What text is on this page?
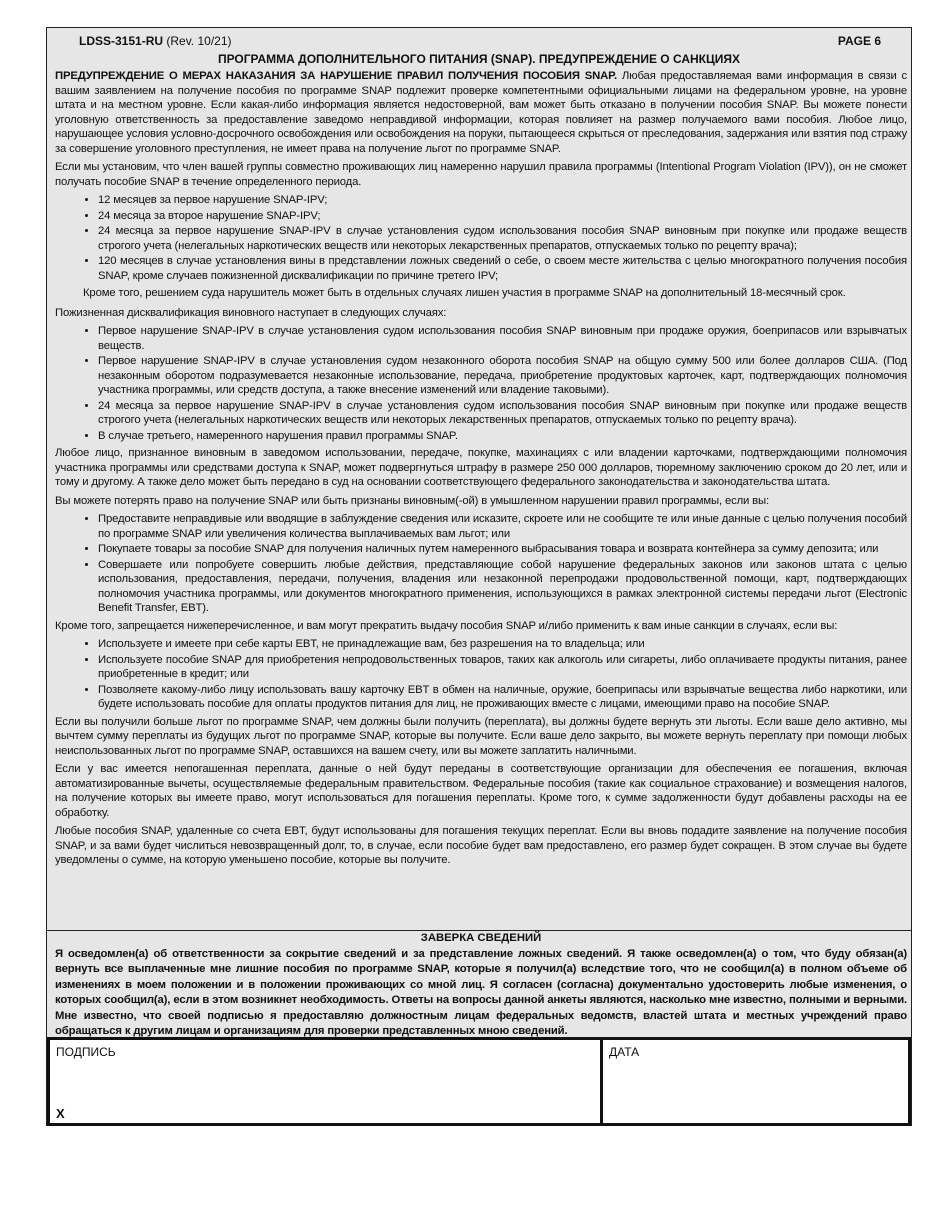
LDSS-3151-RU (Rev. 10/21)	PAGE 6
ПРОГРАММА ДОПОЛНИТЕЛЬНОГО ПИТАНИЯ (SNAP). ПРЕДУПРЕЖДЕНИЕ О САНКЦИЯХ

ПРЕДУПРЕЖДЕНИЕ О МЕРАХ НАКАЗАНИЯ ЗА НАРУШЕНИЕ ПРАВИЛ ПОЛУЧЕНИЯ ПОСОБИЯ SNAP. Любая предоставляемая вами информация в связи с вашим заявлением на получение пособия по программе SNAP подлежит проверке компетентными официальными лицами на федеральном уровне, на уровне штата и на местном уровне. Если какая-либо информация является недостоверной, вам может быть отказано в получении пособия SNAP. Вы можете понести уголовную ответственность за предоставление заведомо неправдивой информации, которая повлияет на размер получаемого вами пособия. Любое лицо, нарушающее условия условно-досрочного освобождения или освобождения на поруки, пытающееся скрыться от преследования, задержания или взятия под стражу за совершение уголовного преступления, не имеет права на получение льгот по программе SNAP.

Если мы установим, что член вашей группы совместно проживающих лиц намеренно нарушил правила программы (Intentional Program Violation (IPV)), он не сможет получать пособие SNAP в течение определенного периода.

• 12 месяцев за первое нарушение SNAP-IPV;
• 24 месяца за второе нарушение SNAP-IPV;
• 24 месяца за первое нарушение SNAP-IPV в случае установления судом использования пособия SNAP виновным при покупке или продаже веществ строгого учета (нелегальных наркотических веществ или некоторых лекарственных препаратов, отпускаемых только по рецепту врача);
• 120 месяцев в случае установления вины в представлении ложных сведений о себе, о своем месте жительства с целью многократного получения пособия SNAP, кроме случаев пожизненной дисквалификации по причине третего IPV;

Кроме того, решением суда нарушитель может быть в отдельных случаях лишен участия в программе SNAP на дополнительный 18-месячный срок.

Пожизненная дисквалификация виновного наступает в следующих случаях:

• Первое нарушение SNAP-IPV в случае установления судом использования пособия SNAP виновным при продаже оружия, боеприпасов или взрывчатых веществ.
• Первое нарушение SNAP-IPV в случае установления судом незаконного оборота пособия SNAP на общую сумму 500 или более долларов США. (Под незаконным оборотом подразумевается незаконные использование, передача, приобретение продуктовых карточек, карт, подтверждающих полномочия участника программы, или средств доступа, а также внесение изменений или владение таковыми).
• 24 месяца за первое нарушение SNAP-IPV в случае установления судом использования пособия SNAP виновным при покупке или продаже веществ строгого учета (нелегальных наркотических веществ или некоторых лекарственных препаратов, отпускаемых только по рецепту врача).
• В случае третьего, намеренного нарушения правил программы SNAP.

Любое лицо, признанное виновным в заведомом использовании, передаче, покупке, махинациях с или владении карточками, подтверждающими полномочия участника программы или средствами доступа к SNAP, может подвергнуться штрафу в размере 250 000 долларов, тюремному заключению сроком до 20 лет, или и тому и другому. А также дело может быть передано в суд на основании соответствующего федерального законодательства и законодательства штата.

Вы можете потерять право на получение SNAP или быть признаны виновным(-ой) в умышленном нарушении правил программы, если вы:

• Предоставите неправдивые или вводящие в заблуждение сведения или исказите, скроете или не сообщите те или иные данные с целью получения пособий по программе SNAP или увеличения количества выплачиваемых вам льгот; или
• Покупаете товары за пособие SNAP для получения наличных путем намеренного выбрасывания товара и возврата контейнера за сумму депозита; или
• Совершаете или попробуете совершить любые действия, представляющие собой нарушение федеральных законов или законов штата с целью использования, предоставления, передачи, получения, владения или незаконной перепродажи продовольственной помощи, карт, подтверждающих полномочия участника программы, или документов многократного применения, использующихся в рамках электронной системы передачи льгот (Electronic Benefit Transfer, EBT).

Кроме того, запрещается нижеперечисленное, и вам могут прекратить выдачу пособия SNAP и/либо применить к вам иные санкции в случаях, если вы:

• Используете и имеете при себе карты EBT, не принадлежащие вам, без разрешения на то владельца; или
• Используете пособие SNAP для приобретения непродовольственных товаров, таких как алкоголь или сигареты, либо оплачиваете продукты питания, ранее приобретенные в кредит; или
• Позволяете какому-либо лицу использовать вашу карточку EBT в обмен на наличные, оружие, боеприпасы или взрывчатые вещества либо наркотики, или будете использовать пособие для оплаты продуктов питания для лиц, не проживающих вместе с лицами, имеющими право на пособие SNAP.

Если вы получили больше льгот по программе SNAP, чем должны были получить (переплата), вы должны будете вернуть эти льготы. Если ваше дело активно, мы вычтем сумму переплаты из будущих льгот по программе SNAP, которые вы получите. Если ваше дело закрыто, вы можете вернуть переплату при помощи любых неиспользованных льгот по программе SNAP, оставшихся на вашем счету, или вы можете заплатить наличными.

Если у вас имеется непогашенная переплата, данные о ней будут переданы в соответствующие организации для обеспечения ее погашения, включая автоматизированные вычеты, осуществляемые федеральным правительством. Федеральные пособия (такие как социальное страхование) и возмещения налогов, на получение которых вы имеете право, могут использоваться для погашения переплаты. Кроме того, к сумме задолженности будут добавлены расходы на ее обработку.

Любые пособия SNAP, удаленные со счета EBT, будут использованы для погашения текущих переплат. Если вы вновь подадите заявление на получение пособия SNAP, и за вами будет числиться невозвращенный долг, то, в случае, если пособие будет вам предоставлено, его размер будет сокращен. В этом случае вы будете уведомлены о сумме, на которую уменьшено пособие, которые вы получите.

ЗАВЕРКА СВЕДЕНИЙ

Я осведомлен(а) об ответственности за сокрытие сведений и за представление ложных сведений. Я также осведомлен(а) о том, что буду обязан(а) вернуть все выплаченные мне лишние пособия по программе SNAP, которые я получил(а) вследствие того, что не сообщил(а) в полном объеме об изменениях в моем положении и в положении проживающих со мной лиц. Я согласен (согласна) документально удостоверить любые изменения, о которых сообщил(а), если в этом возникнет необходимость. Ответы на вопросы данной анкеты являются, насколько мне известно, полными и верными. Мне известно, что своей подписью я предоставляю должностным лицам федеральных ведомств, властей штата и местных учреждений право обращаться к другим лицам и организациям для проверки представленных мною сведений.

ПОДПИСЬ
X
ДАТА
